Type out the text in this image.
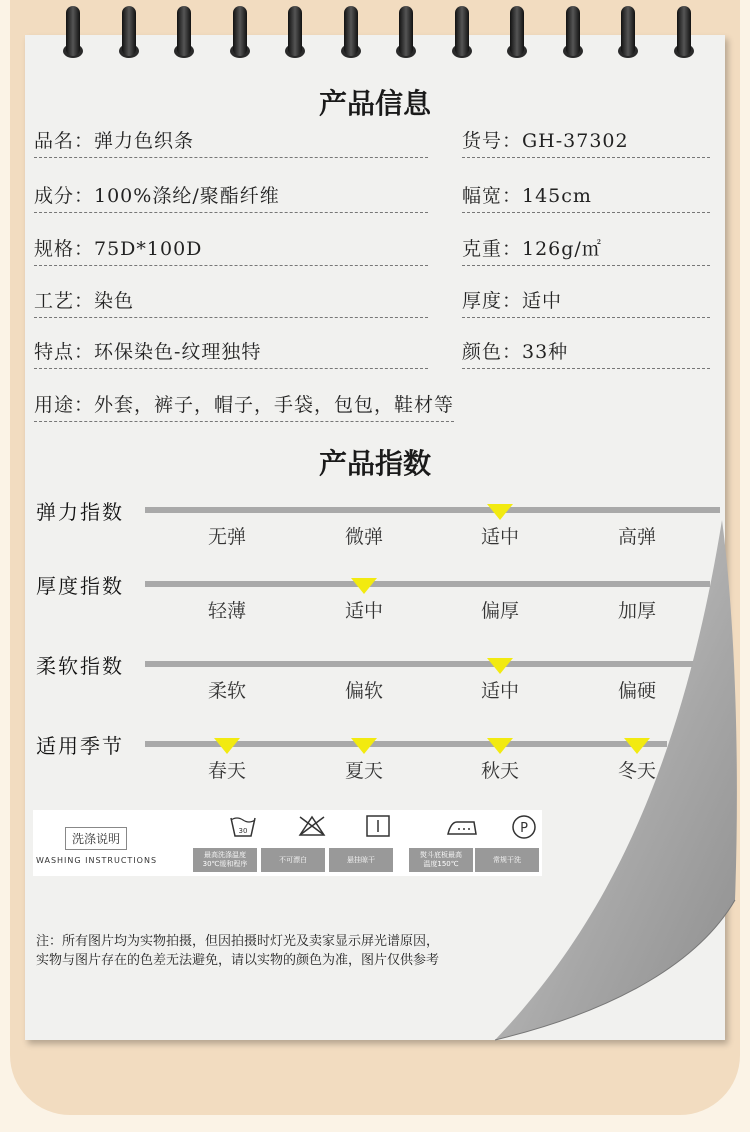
产品信息
品名：弹力色织条	货号：GH-37302
成分：100%涤纶/聚酯纤维	幅宽：145cm
规格：75D*100D	克重：126g/㎡
工艺：染色	厚度：适中
特点：环保染色-纹理独特	颜色：33种
用途：外套，裤子，帽子，手袋，包包，鞋材等
产品指数
弹力指数
无弹	微弹	适中	高弹
厚度指数
轻薄	适中	偏厚	加厚
柔软指数
柔软	偏软	适中	偏硬
适用季节
春天	夏天	秋天	冬天
洗涤说明
WASHING INSTRUCTIONS
30
最高洗涤温度
30℃缓和程序
不可漂白	悬挂晾干
熨斗底板最高
温度150℃
P
常规干洗
注：所有图片均为实物拍摄，但因拍摄时灯光及卖家显示屏光谱原因，
实物与图片存在的色差无法避免，请以实物的颜色为准，图片仅供参考
